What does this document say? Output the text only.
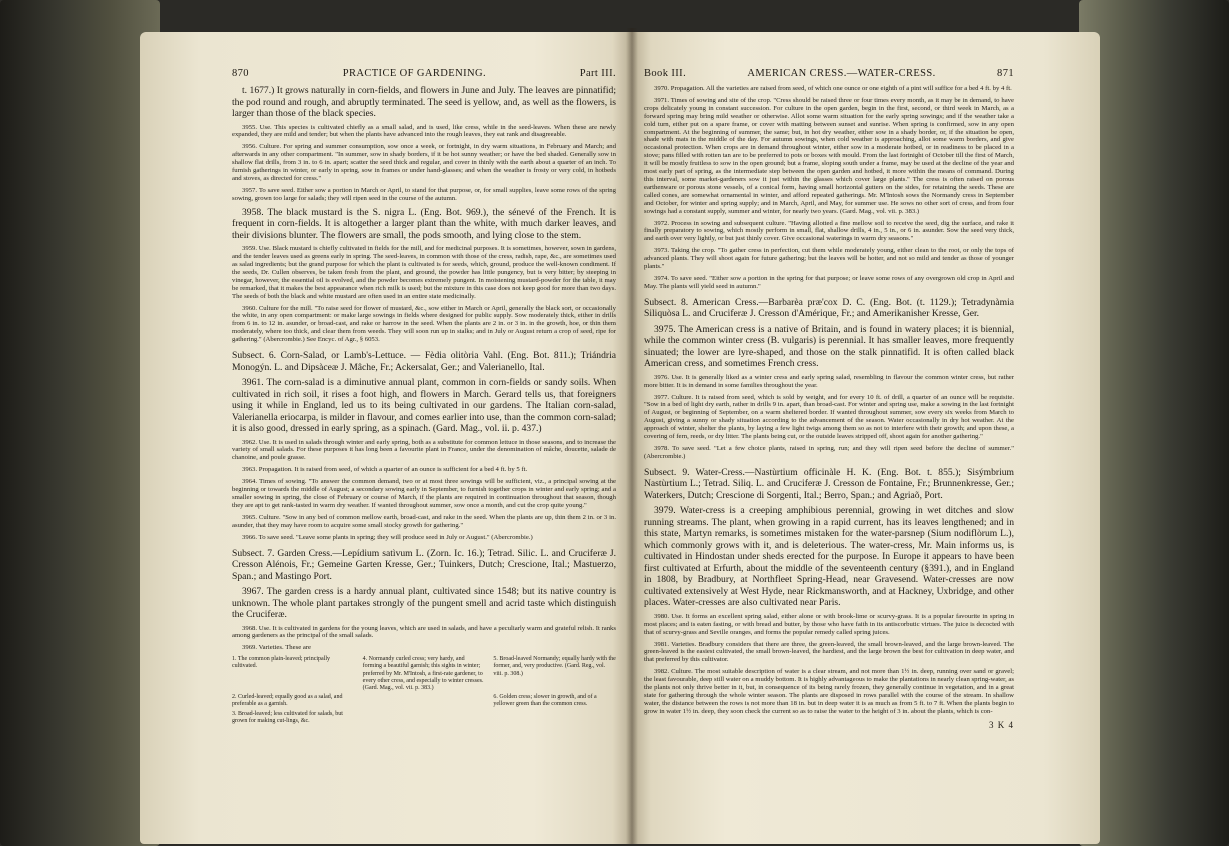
870	PRACTICE OF GARDENING.	Part III.

t. 1677.) It grows naturally in corn-fields, and flowers in June and July. The leaves are pinnatifid; the pod round and rough, and abruptly terminated. The seed is yellow, and, as well as the flowers, is larger than those of the black species.

3955. Use. This species is cultivated chiefly as a small salad, and is used, like cress, while in the seed-leaves. When these are newly expanded, they are mild and tender; but when the plants have advanced into the rough leaves, they eat rank and disagreeable.

3956. Culture. For spring and summer consumption, sow once a week, or fortnight, in dry warm situations, in February and March; and afterwards in any other compartment. "In summer, sow in shady borders, if it be hot sunny weather; or have the bed shaded. Generally sow in shallow flat drills, from 3 in. to 6 in. apart; scatter the seed thick and regular, and cover in thinly with the earth about a quarter of an inch. To furnish gatherings in winter, or early in spring, sow in frames or under hand-glasses; and when the weather is frosty or very cold, in hotbeds and stoves, as directed for cress."

3957. To save seed. Either sow a portion in March or April, to stand for that purpose, or, for small supplies, leave some rows of the spring sowing, grown too large for salads; they will ripen seed in the course of the autumn.

3958. The black mustard is the S. nigra L. (Eng. Bot. 969.), the sénevé of the French. It is frequent in corn-fields. It is altogether a larger plant than the white, with much darker leaves, and their divisions blunter. The flowers are small, the pods smooth, and lying close to the stem.

3959. Use. Black mustard is chiefly cultivated in fields for the mill, and for medicinal purposes. It is sometimes, however, sown in gardens, and the tender leaves used as greens early in spring. The seed-leaves, in common with those of the cress, radish, rape, &c., are sometimes used as salad ingredients; but the grand purpose for which the plant is cultivated is for seeds, which, ground, produce the well-known condiment. If the seeds, Dr. Cullen observes, be taken fresh from the plant, and ground, the powder has little pungency, but is very bitter; by steeping in vinegar, however, the essential oil is evolved, and the powder becomes extremely pungent. In moistening mustard-powder for the table, it may be remarked, that it makes the best appearance when rich milk is used; but the mixture in this case does not keep good for more than two days. The seeds of both the black and white mustard are often used in an entire state medicinally.

3960. Culture for the mill. "To raise seed for flower of mustard, &c., sow either in March or April, generally the black sort, or occasionally the white, in any open compartment: or make large sowings in fields where designed for public supply. Sow moderately thick, either in drills from 6 in. to 12 in. asunder, or broad-cast, and rake or harrow in the seed. When the plants are 2 in. or 3 in. in the growth, hoe, or thin them moderately, where too thick, and clear them from weeds. They will soon run up in stalks; and in July or August return a crop of seed, ripe for gathering." (Abercrombie.) See Encyc. of Agr., § 6053.

Subsect. 6. Corn-Salad, or Lamb's-Lettuce. — Fèdia olitòria Vahl. (Eng. Bot. 811.); Triándria Monogýn. L. and Dipsàceæ J. Mâche, Fr.; Ackersalat, Ger.; and Valerianello, Ital.

3961. The corn-salad is a diminutive annual plant, common in corn-fields or sandy soils. When cultivated in rich soil, it rises a foot high, and flowers in March. Gerard tells us, that foreigners using it while in England, led us to its being cultivated in our gardens. The Italian corn-salad, Valerianella eriocarpa, is milder in flavour, and comes earlier into use, than the common corn-salad; it is also good, dressed in early spring, as a spinach. (Gard. Mag., vol. ii. p. 437.)

3962. Use. It is used in salads through winter and early spring, both as a substitute for common lettuce in those seasons, and to increase the variety of small salads. For these purposes it has long been a favourite plant in France, under the denomination of mâche, doucette, salade de chanoine, and poule grasse.

3963. Propagation. It is raised from seed, of which a quarter of an ounce is sufficient for a bed 4 ft. by 5 ft.

3964. Times of sowing. "To answer the common demand, two or at most three sowings will be sufficient, viz., a principal sowing at the beginning or towards the middle of August; a secondary sowing early in September, to furnish together crops in winter and early spring; and a smaller sowing in spring, the close of February or course of March, if the plants are required in continuation throughout that season, though they are apt to get rank-tasted in warm dry weather. If wanted throughout summer, sow once a month, and cut the crop quite young."

3965. Culture. "Sow in any bed of common mellow earth, broad-cast, and rake in the seed. When the plants are up, thin them 2 in. or 3 in. asunder, that they may have room to acquire some small stocky growth for gathering."

3966. To save seed. "Leave some plants in spring; they will produce seed in July or August." (Abercrombie.)

Subsect. 7. Garden Cress.—Lepídium satìvum L. (Zorn. Ic. 16.); Tetrad. Silic. L. and Cruciferæ J. Cresson Alénois, Fr.; Gemeine Garten Kresse, Ger.; Tuinkers, Dutch; Crescione, Ital.; Mastuerzo, Span.; and Mastingo Port.

3967. The garden cress is a hardy annual plant, cultivated since 1548; but its native country is unknown. The whole plant partakes strongly of the pungent smell and acrid taste which distinguish the Cruciferæ.

3968. Use. It is cultivated in gardens for the young leaves, which are used in salads, and have a peculiarly warm and grateful relish. It ranks among gardeners as the principal of the small salads.

3969. Varieties. These are

1. The common plain-leaved; principally cultivated.
4. Normandy curled cress; very hardy, and forming a beautiful garnish; this sights in winter; preferred by Mr. M'Intosh, a first-rate gardener, to every other cress, and especially to winter cresses. (Gard. Mag., vol. vii. p. 383.)
5. Broad-leaved Normandy; equally hardy with the former, and, very productive. (Gard. Reg., vol. viii. p. 308.)
2. Curled-leaved; equally good as a salad, and preferable as a garnish.
6. Golden cress; slower in growth, and of a yellower green than the common cress.
3. Broad-leaved; less cultivated for salads, but grown for making cut-lings, &c.
Book III.	AMERICAN CRESS.—WATER-CRESS.	871

3970. Propagation. All the varieties are raised from seed, of which one ounce or one eighth of a pint will suffice for a bed 4 ft. by 4 ft.

3971. Times of sowing and site of the crop. "Cress should be raised three or four times every month, as it may be in demand, to have crops delicately young in constant succession. For culture in the open garden, begin in the first, second, or third week in March, as a forward spring may bring mild weather or otherwise. Allot some warm situation for the early spring sowings; and if the weather take a cold turn, either put on a spare frame, or cover with matting between sunset and sunrise. When spring is confirmed, sow in any open compartment. At the beginning of summer, the same; but, in hot dry weather, either sow in a shady border, or, if the situation be open, shade with mats in the middle of the day. For autumn sowings, when cold weather is approaching, allot some warm borders, and give occasional protection. When crops are in demand throughout winter, either sow in a moderate hotbed, or in readiness to be placed in a stove; pans filled with rotten tan are to be preferred to pots or boxes with mould. From the last fortnight of October till the first of March, it will be mostly fruitless to sow in the open ground; but a frame, sloping south under a frame, may be used at the decline of the year and most early part of spring, as the intermediate step between the open garden and hotbed, it more within the means of command. During this interval, some market-gardeners sow it just within the glasses which cover large plants." The cress is often raised on porous earthenware or porous stone vessels, of a conical form, having small horizontal gutters on the sides, for retaining the seeds. These are called cones, are somewhat ornamental in winter, and afford repeated gatherings. Mr. M'Intosh sows the Normandy cress in September and October, for winter and spring supply; and in March, April, and May, for summer use. He sows no other sort of cress, and from four sowings had a constant supply, summer and winter, for nearly two years. (Gard. Mag., vol. vii. p. 383.)

3972. Process in sowing and subsequent culture. "Having allotted a fine mellow soil to receive the seed, dig the surface, and rake it finally preparatory to sowing, which mostly perform in small, flat, shallow drills, 4 in., 5 in., or 6 in. asunder. Sow the seed very thick, and earth over very lightly, or but just thinly cover. Give occasional waterings in warm dry seasons."

3973. Taking the crop. "To gather cress in perfection, cut them while moderately young, either clean to the root, or only the tops of advanced plants. They will shoot again for future gathering; but the leaves will be hotter, and not so mild and tender as those of younger plants."

3974. To save seed. "Either sow a portion in the spring for that purpose; or leave some rows of any overgrown old crop in April and May. The plants will yield seed in autumn."

Subsect. 8. American Cress.—Barbarèa præ'cox D. C. (Eng. Bot. (t. 1129.); Tetradynàmia Siliquòsa L. and Cruciferæ J. Cresson d'Amérique, Fr.; and Amerikanisher Kresse, Ger.

3975. The American cress is a native of Britain, and is found in watery places; it is biennial, while the common winter cress (B. vulgaris) is perennial. It has smaller leaves, more frequently sinuated; the lower are lyre-shaped, and those on the stalk pinnatifid. It is often called black American cress, and sometimes French cress.

3976. Use. It is generally liked as a winter cress and early spring salad, resembling in flavour the common winter cress, but rather more bitter. It is in demand in some families throughout the year.

3977. Culture. It is raised from seed, which is sold by weight, and for every 10 ft. of drill, a quarter of an ounce will be requisite. "Sow in a bed of light dry earth, rather in drills 9 in. apart, than broad-cast. For winter and spring use, make a sowing in the last fortnight of August, or beginning of September, on a warm sheltered border. If wanted throughout summer, sow every six weeks from March to August, giving a sunny or shady situation according to the advancement of the season. Water occasionally in dry hot weather. At the approach of winter, shelter the plants, by laying a few light twigs among them so as not to interfere with their growth; and upon these, a covering of fern, reeds, or dry litter. The plants being cut, or the outside leaves stripped off, shoot again for another gathering."

3978. To save seed. "Let a few choice plants, raised in spring, run; and they will ripen seed before the decline of summer." (Abercrombie.)

Subsect. 9. Water-Cress.—Nastùrtium officinàle H. K. (Eng. Bot. t. 855.); Sisýmbrium Nastùrtium L.; Tetrad. Siliq. L. and Cruciferæ J. Cresson de Fontaine, Fr.; Brunnenkresse, Ger.; Waterkers, Dutch; Crescione di Sorgenti, Ital.; Berro, Span.; and Agriaõ, Port.

3979. Water-cress is a creeping amphibious perennial, growing in wet ditches and slow running streams. The plant, when growing in a rapid current, has its leaves lengthened; and in this state, Martyn remarks, is sometimes mistaken for the water-parsnep (Sium nodiflòrum L.), which commonly grows with it, and is deleterious. The water-cress, Mr. Main informs us, is cultivated in Hindostan under sheds erected for the purpose. In Europe it appears to have been first cultivated at Erfurth, about the middle of the seventeenth century (§391.), and in England in 1808, by Bradbury, at Northfleet Spring-Head, near Gravesend. Water-cresses are now cultivated extensively at West Hyde, near Rickmansworth, and at Hackney, Uxbridge, and other places. Water-cresses are also cultivated near Paris.

3980. Use. It forms an excellent spring salad, either alone or with brook-lime or scurvy-grass. It is a popular favourite in spring in most places; and is eaten fasting, or with bread and butter, by those who have faith in its antiscorbutic virtues. The juice is decocted with that of scurvy-grass and Seville oranges, and forms the popular remedy called spring juices.

3981. Varieties. Bradbury considers that there are three, the green-leaved, the small brown-leaved, and the large brown-leaved. The green-leaved is the easiest cultivated, the small brown-leaved, the hardiest, and the large brown the best for cultivation in deep water, and that preferred by this cultivator.

3982. Culture. The most suitable description of water is a clear stream, and not more than 1½ in. deep, running over sand or gravel; the least favourable, deep still water on a muddy bottom. It is highly advantageous to make the plantations in nearly clean spring-water, as the plants not only thrive better in it, but, in consequence of its being rarely frozen, they generally continue in vegetation, and in a great state for gathering through the whole winter season. The plants are disposed in rows parallel with the course of the stream. In shallow water, the distance between the rows is not more than 18 in. but in deep water it is as much as from 5 ft. to 7 ft. When the plants begin to grow in water 1½ in. deep, they soon check the current so as to raise the water to the height of 3 in. about the plants, which is con-

3 K 4
